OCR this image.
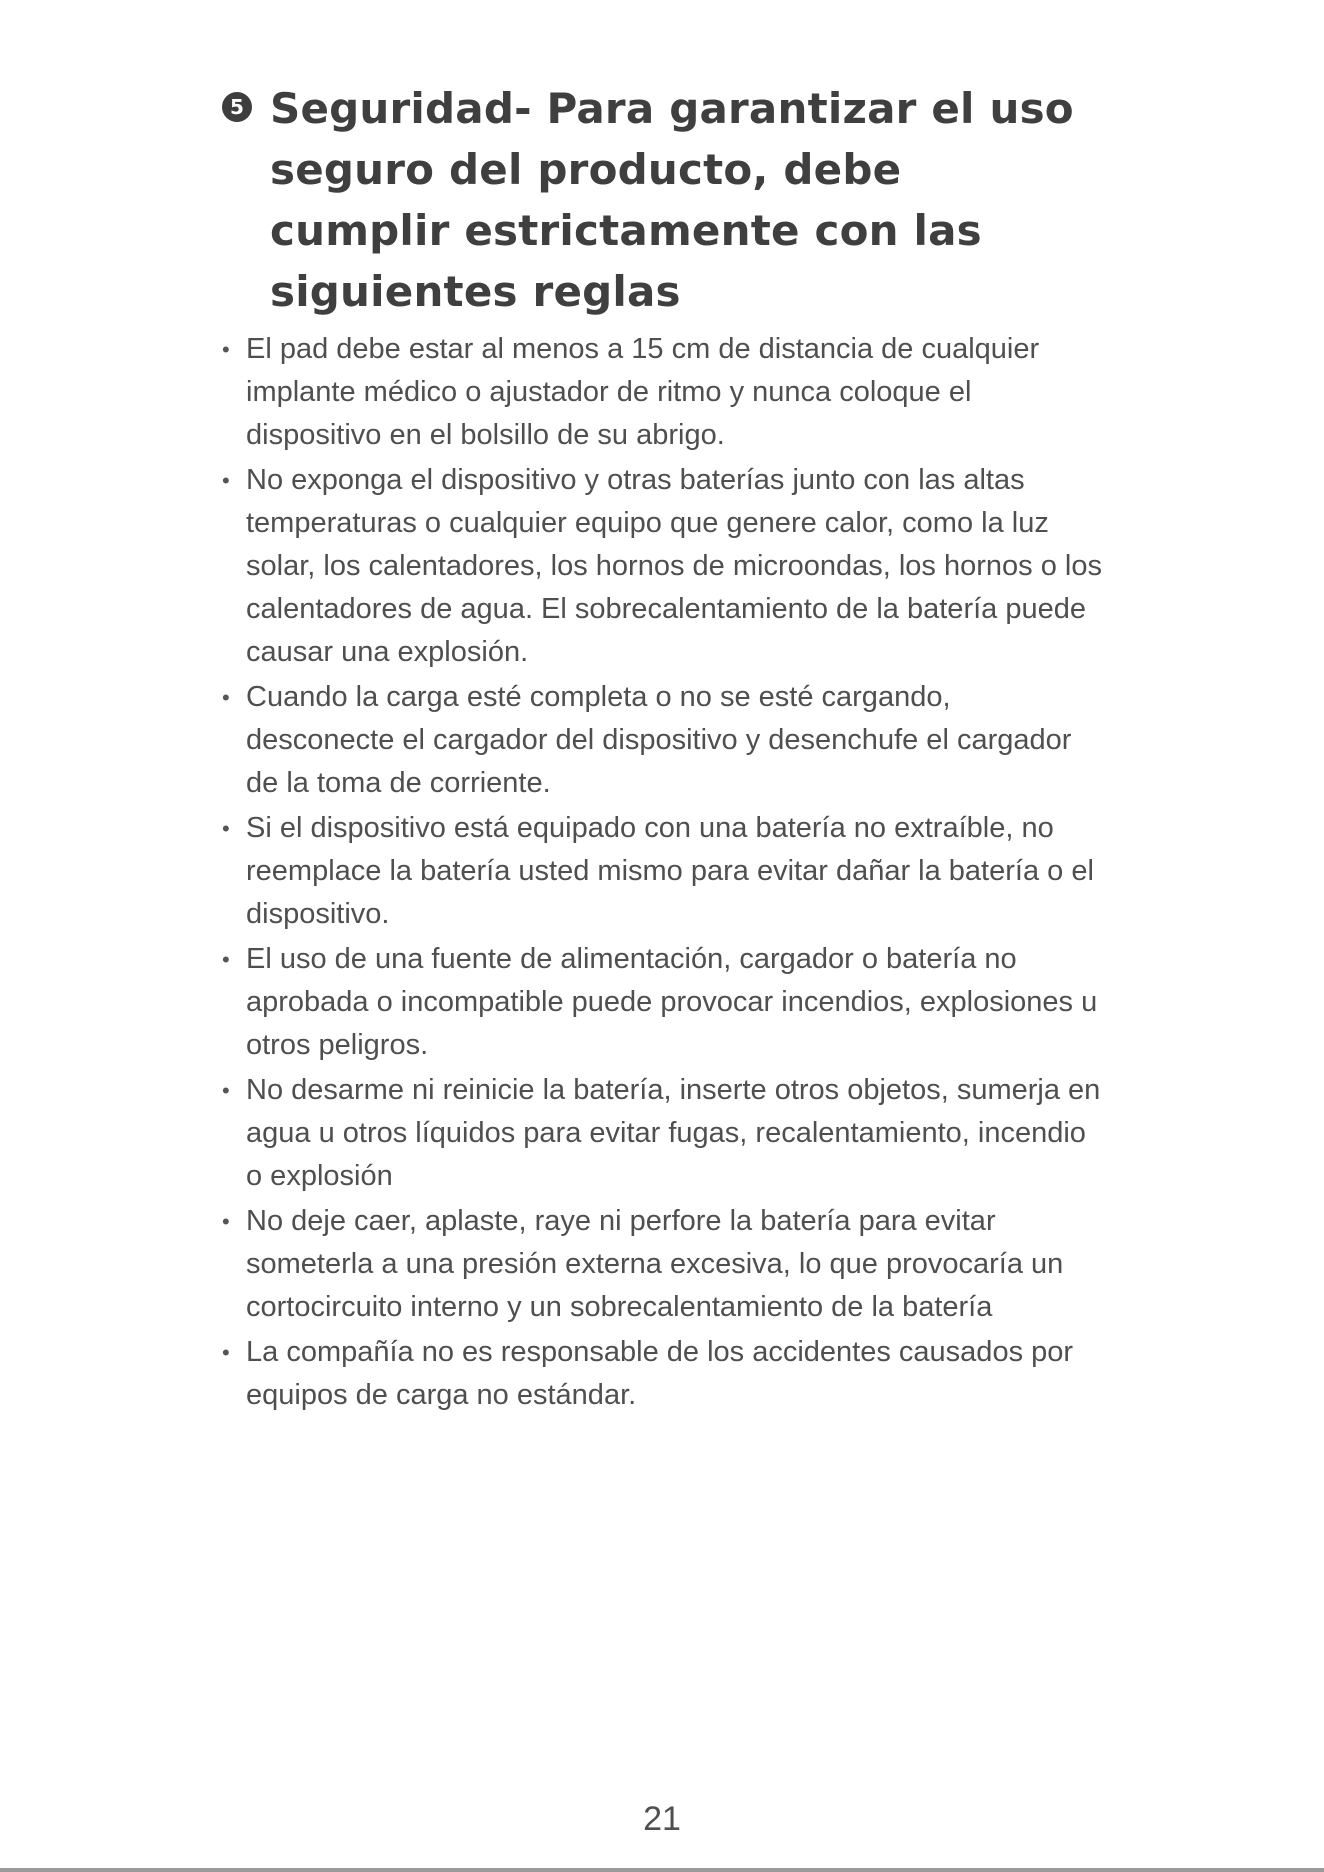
5 Seguridad- Para garantizar el uso seguro del producto, debe cumplir estrictamente con las siguientes reglas
• El pad debe estar al menos a 15 cm de distancia de cualquier implante médico o ajustador de ritmo y nunca coloque el dispositivo en el bolsillo de su abrigo.
• No exponga el dispositivo y otras baterías junto con las altas temperaturas o cualquier equipo que genere calor, como la luz solar, los calentadores, los hornos de microondas, los hornos o los calentadores de agua. El sobrecalentamiento de la batería puede causar una explosión.
• Cuando la carga esté completa o no se esté cargando, desconecte el cargador del dispositivo y desenchufe el cargador de la toma de corriente.
• Si el dispositivo está equipado con una batería no extraíble, no reemplace la batería usted mismo para evitar dañar la batería o el dispositivo.
• El uso de una fuente de alimentación, cargador o batería no aprobada o incompatible puede provocar incendios, explosiones u otros peligros.
• No desarme ni reinicie la batería, inserte otros objetos, sumerja en agua u otros líquidos para evitar fugas, recalentamiento, incendio o explosión
• No deje caer, aplaste, raye ni perfore la batería para evitar someterla a una presión externa excesiva, lo que provocaría un cortocircuito interno y un sobrecalentamiento de la batería
• La compañía no es responsable de los accidentes causados por equipos de carga no estándar.
21
